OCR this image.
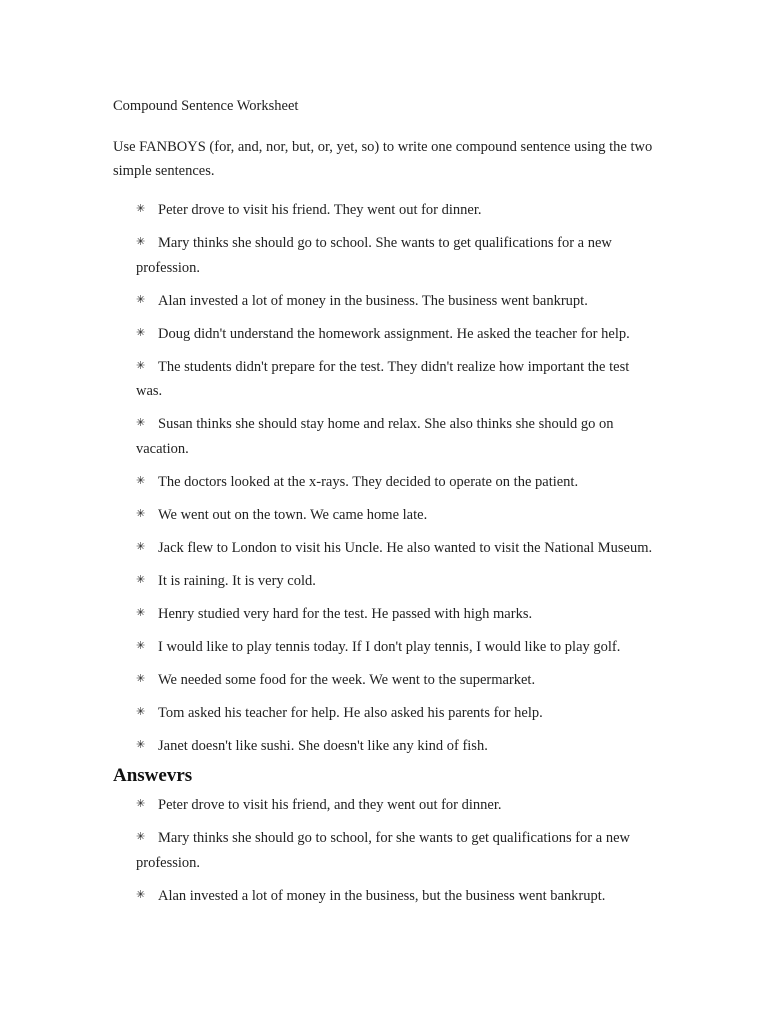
Compound Sentence Worksheet

Use FANBOYS (for, and, nor, but, or, yet, so) to write one compound sentence using the two simple sentences.

✳ Peter drove to visit his friend. They went out for dinner.
✳ Mary thinks she should go to school. She wants to get qualifications for a new profession.
✳ Alan invested a lot of money in the business. The business went bankrupt.
✳ Doug didn't understand the homework assignment. He asked the teacher for help.
✳ The students didn't prepare for the test. They didn't realize how important the test was.
✳ Susan thinks she should stay home and relax. She also thinks she should go on vacation.
✳ The doctors looked at the x-rays. They decided to operate on the patient.
✳ We went out on the town. We came home late.
✳ Jack flew to London to visit his Uncle. He also wanted to visit the National Museum.
✳ It is raining. It is very cold.
✳ Henry studied very hard for the test. He passed with high marks.
✳ I would like to play tennis today. If I don't play tennis, I would like to play golf.
✳ We needed some food for the week. We went to the supermarket.
✳ Tom asked his teacher for help. He also asked his parents for help.
✳ Janet doesn't like sushi. She doesn't like any kind of fish.
Answevrs
✳ Peter drove to visit his friend, and they went out for dinner.
✳ Mary thinks she should go to school, for she wants to get qualifications for a new profession.
✳ Alan invested a lot of money in the business, but the business went bankrupt.
